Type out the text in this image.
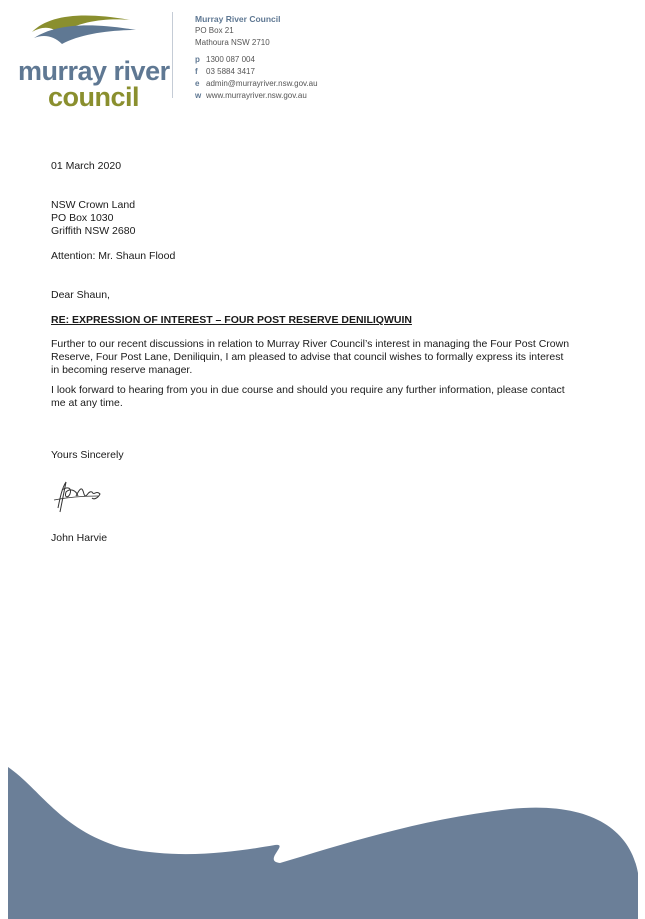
murray river
council
Murray River Council
PO Box 21
Mathoura NSW 2710
p 1300 087 004
f 03 5884 3417
e admin@murrayriver.nsw.gov.au
w www.murrayriver.nsw.gov.au
01 March 2020
NSW Crown Land
PO Box 1030
Griffith NSW 2680
Attention: Mr. Shaun Flood
Dear Shaun,
RE: EXPRESSION OF INTEREST – FOUR POST RESERVE DENILIQWUIN
Further to our recent discussions in relation to Murray River Council’s interest in managing the Four Post Crown Reserve, Four Post Lane, Deniliquin, I am pleased to advise that council wishes to formally express its interest in becoming reserve manager.
I look forward to hearing from you in due course and should you require any further information, please contact me at any time.
Yours Sincerely
John Harvie
